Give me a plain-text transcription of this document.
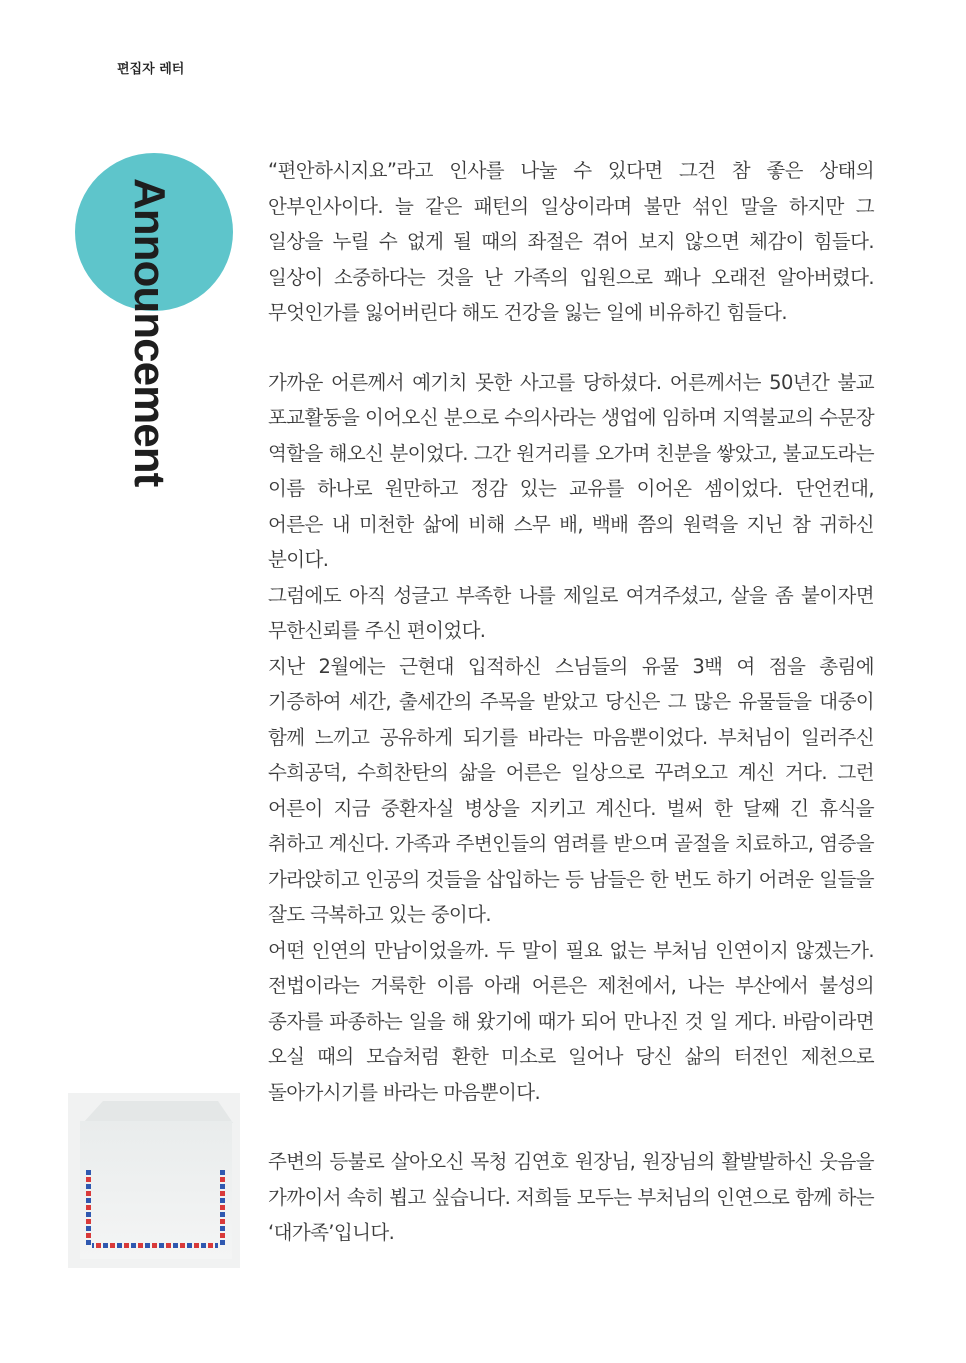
편집자 레터
Announcement

“편안하시지요”라고 인사를 나눌 수 있다면 그건 참 좋은 상태의 안부인사이다. 늘 같은 패턴의 일상이라며 불만 섞인 말을 하지만 그 일상을 누릴 수 없게 될 때의 좌절은 겪어 보지 않으면 체감이 힘들다. 일상이 소중하다는 것을 난 가족의 입원으로 꽤나 오래전 알아버렸다. 무엇인가를 잃어버린다 해도 건강을 잃는 일에 비유하긴 힘들다.

가까운 어른께서 예기치 못한 사고를 당하셨다. 어른께서는 50년간 불교 포교활동을 이어오신 분으로 수의사라는 생업에 임하며 지역불교의 수문장 역할을 해오신 분이었다. 그간 원거리를 오가며 친분을 쌓았고, 불교도라는 이름 하나로 원만하고 정감 있는 교유를 이어온 셈이었다. 단언컨대, 어른은 내 미천한 삶에 비해 스무 배, 백배 쯤의 원력을 지닌 참 귀하신 분이다.

그럼에도 아직 성글고 부족한 나를 제일로 여겨주셨고, 살을 좀 붙이자면 무한신뢰를 주신 편이었다.

지난 2월에는 근현대 입적하신 스님들의 유물 3백 여 점을 총림에 기증하여 세간, 출세간의 주목을 받았고 당신은 그 많은 유물들을 대중이 함께 느끼고 공유하게 되기를 바라는 마음뿐이었다. 부처님이 일러주신 수희공덕, 수희찬탄의 삶을 어른은 일상으로 꾸려오고 계신 거다. 그런 어른이 지금 중환자실 병상을 지키고 계신다. 벌써 한 달째 긴 휴식을 취하고 계신다. 가족과 주변인들의 염려를 받으며 골절을 치료하고, 염증을 가라앉히고 인공의 것들을 삽입하는 등 남들은 한 번도 하기 어려운 일들을 잘도 극복하고 있는 중이다.

어떤 인연의 만남이었을까. 두 말이 필요 없는 부처님 인연이지 않겠는가. 전법이라는 거룩한 이름 아래 어른은 제천에서, 나는 부산에서 불성의 종자를 파종하는 일을 해 왔기에 때가 되어 만나진 것 일 게다. 바람이라면 오실 때의 모습처럼 환한 미소로 일어나 당신 삶의 터전인 제천으로 돌아가시기를 바라는 마음뿐이다.

주변의 등불로 살아오신 목청 김연호 원장님, 원장님의 활발발하신 웃음을 가까이서 속히 뵙고 싶습니다. 저희들 모두는 부처님의 인연으로 함께 하는 ‘대가족’입니다.
